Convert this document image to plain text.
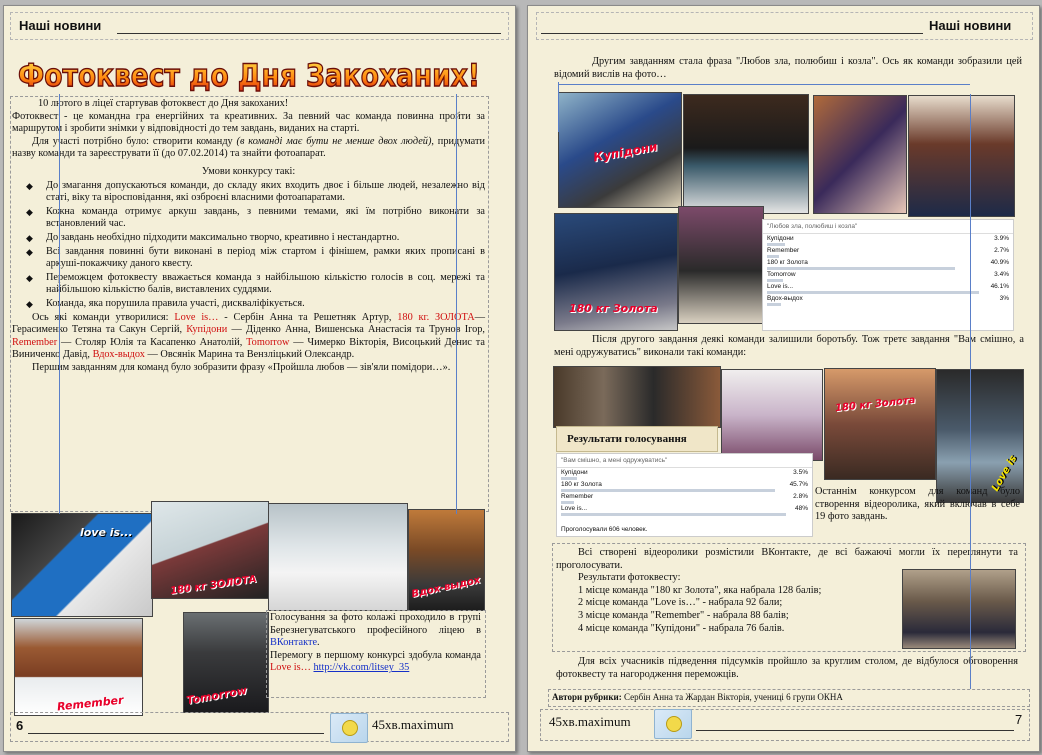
Наші новини
Фотоквест до Дня Закоханих!

10 лютого в ліцеї стартував фотоквест до Дня закоханих!

Фотоквест - це командна гра енергійних та креативних. За певний час команда повинна пройти за маршрутом і зробити знімки у відповідності до тем завдань, виданих на старті.

Для участі потрібно було: створити команду (в команді має бути не менше двох людей), придумати назву команди та зареєструвати її (до 07.02.2014) та знайти фотоапарат.

Умови конкурсу такі:

◆	До змагання допускаються команди, до складу яких входить двоє і більше людей, незалежно від статі, віку та віросповідання, які озброєні власними фотоапаратами.
◆	Кожна команда отримує аркуш завдань, з певними темами, які їм потрібно виконати за встановлений час.
◆	До завдань необхідно підходити максимально творчо, креативно і нестандартно.
◆	Всі завдання повинні бути виконані в період між стартом і фінішем, рамки яких прописані в аркуші-покажчику даного квесту.
◆	Переможцем фотоквесту вважається команда з найбільшою кількістю голосів в соц. мережі та найбільшою кількістю балів, виставлених суддями.
◆	Команда, яка порушила правила участі, дискваліфікується.

Ось які команди утворилися: Love is… - Сербін Анна та Решетняк Артур, 180 кг. ЗОЛОТА— Герасименко Тетяна та Сакун Сергій, Купідони — Діденко Анна, Вишенська Анастасія та Трунов Ігор, Remember — Столяр Юлія та Касапенко Анатолій, Tomorrow — Чимерко Вікторія, Висоцький Денис та Виниченко Давід, Вдох-выдох — Овсянік Марина та Вензліцький Олександр.

Першим завданням для команд було зобразити фразу «Пройшла любов — зів'яли помідори…».

love is...
180 кг ЗОЛОТА	Вдох-выдох
Remember	Tomorrow

Голосування за фото колажі проходило в групі Березнегуватського професійного ліцею в ВКонтакте.

Перемогу в першому конкурсі здобула команда Love is… http://vk.com/litsey_35

6	45хв.maximum
Наші новини

Другим завданням стала фраза "Любов зла, полюбиш і козла". Ось як команди зобразили цей відомий вислів на фото…

Купідони
180 кг Золота
"Любов зла, полюбиш і козла"
Купідони	3.9%
Remember	2.7%
180 кг Золота	40.9%
Tomorrow	3.4%
Love is...	46.1%
Вдох-выдох	3%

Після другого завдання деякі команди залишили боротьбу. Тож третє завдання "Вам смішно, а мені одружуватись" виконали такі команди:

180 кг Золота
Love is
Результати голосування
"Вам смішно, а мені одружуватись"
Купідони	3.5%
180 кг Золота	45.7%
Remember	2.8%
Love is...	48%
Проголосували 606 человек.

Останнім конкурсом для команд було створення відеоролика, який включав в себе 19 фото завдань.

Всі створені відеоролики розмістили ВКонтакте, де всі бажаючі могли їх переглянути та проголосувати.

Результати фотоквесту:

1 місце команда "180 кг Золота", яка набрала 128 балів;

2 місце команда "Love is…" - набрала 92 бали;

3 місце команда "Remember" - набрала 88 балів;

4 місце команда "Купідони" - набрала 76 балів.

Для всіх учасників підведення підсумків пройшло за круглим столом, де відбулося обговорення фотоквесту та нагородження переможців.

Автори рубрики: Сербін Анна та Жардан Вікторія, учениці 6 групи ОКНА
45хв.maximum	7
